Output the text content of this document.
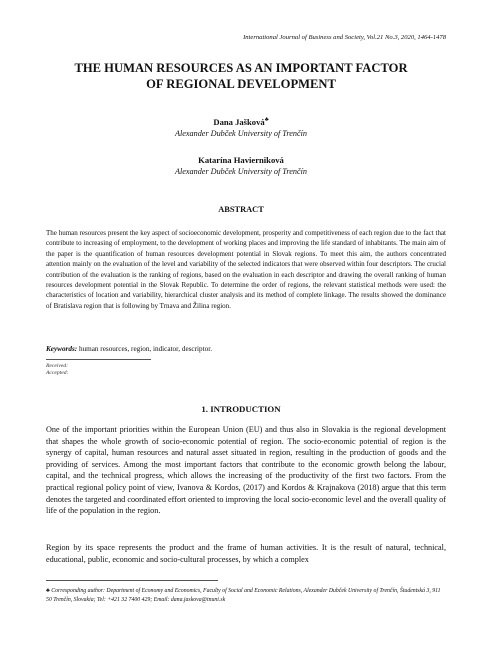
International Journal of Business and Society, Vol.21 No.3, 2020, 1464-1478
THE HUMAN RESOURCES AS AN IMPORTANT FACTOR
OF REGIONAL DEVELOPMENT
Dana Jašková♣
Alexander Dubček University of Trenčín
Katarína Havierniková
Alexander Dubček University of Trenčín
ABSTRACT
The human resources present the key aspect of socioeconomic development, prosperity and competitiveness of each region due to the fact that contribute to increasing of employment, to the development of working places and improving the life standard of inhabitants. The main aim of the paper is the quantification of human resources development potential in Slovak regions. To meet this aim, the authors concentrated attention mainly on the evaluation of the level and variability of the selected indicators that were observed within four descriptors. The crucial contribution of the evaluation is the ranking of regions, based on the evaluation in each descriptor and drawing the overall ranking of human resources development potential in the Slovak Republic. To determine the order of regions, the relevant statistical methods were used: the characteristics of location and variability, hierarchical cluster analysis and its method of complete linkage. The results showed the dominance of Bratislava region that is following by Trnava and Žilina region.
Keywords: human resources, region, indicator, descriptor.
Received:
Accepted:
1. INTRODUCTION
One of the important priorities within the European Union (EU) and thus also in Slovakia is the regional development that shapes the whole growth of socio-economic potential of region. The socio-economic potential of region is the synergy of capital, human resources and natural asset situated in region, resulting in the production of goods and the providing of services. Among the most important factors that contribute to the economic growth belong the labour, capital, and the technical progress, which allows the increasing of the productivity of the first two factors. From the practical regional policy point of view, Ivanova & Kordos, (2017) and Kordos & Krajnakova (2018) argue that this term denotes the targeted and coordinated effort oriented to improving the local socio-economic level and the overall quality of life of the population in the region.
Region by its space represents the product and the frame of human activities. It is the result of natural, technical, educational, public, economic and socio-cultural processes, by which a complex
♣ Corresponding author: Department of Economy and Economics, Faculty of Social and Economic Relations, Alexander Dubček University of Trenčín, Študentská 3, 911 50 Trenčín, Slovakia; Tel: +421 32 7400 429; Email: dana.jaskova@tnuni.sk
